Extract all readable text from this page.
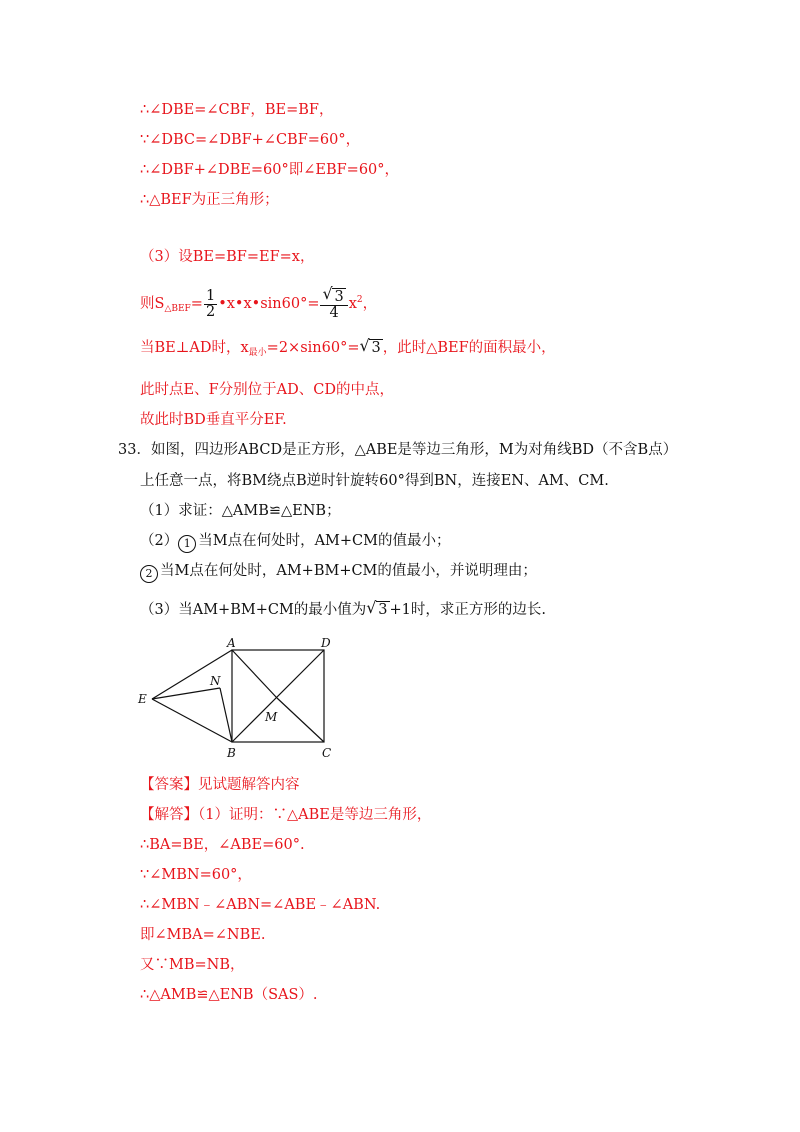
∴∠DBE=∠CBF，BE=BF，
∵∠DBC=∠DBF+∠CBF=60°，
∴∠DBF+∠DBE=60°即∠EBF=60°，
∴△BEF为正三角形；
（3）设BE=BF=EF=x，
则$S_{\triangle BEF}= \frac{1}{2}$ •x•x•sin60°=
√ $\frac{3}{4} x^2$，
当BE⊥AD时，$x_{最小}=2\times\sin 60^\circ=√$ 3 ，此时△BEF的面积最小，
此时点E、F分别位于AD、CD的中点，
故此时BD垂直平分EF.
33．如图，四边形ABCD是正方形，△ABE是等边三角形，M为对角线BD（不含B点）
上任意一点，将BM绕点B逆时针旋转60°得到BN，连接EN、AM、CM.
（1）求证：△AMB≌△ENB；
（2） 1 当M点在何处时，AM+CM的值最小；
2 当M点在何处时，AM+BM+CM的值最小，并说明理由；
（3）当AM+BM+CM的最小值为√ 3 +1时，求正方形的边长.
A	D
E
N
M
B	C
【答案】见试题解答内容
【解答】（1）证明：∵△ABE是等边三角形，
∴BA=BE，∠ABE=60°.
∵∠MBN=60°，
∴∠MBN﹣∠ABN=∠ABE﹣∠ABN.
即∠MBA=∠NBE.
又∵MB=NB，
∴△AMB≌△ENB（SAS）.
